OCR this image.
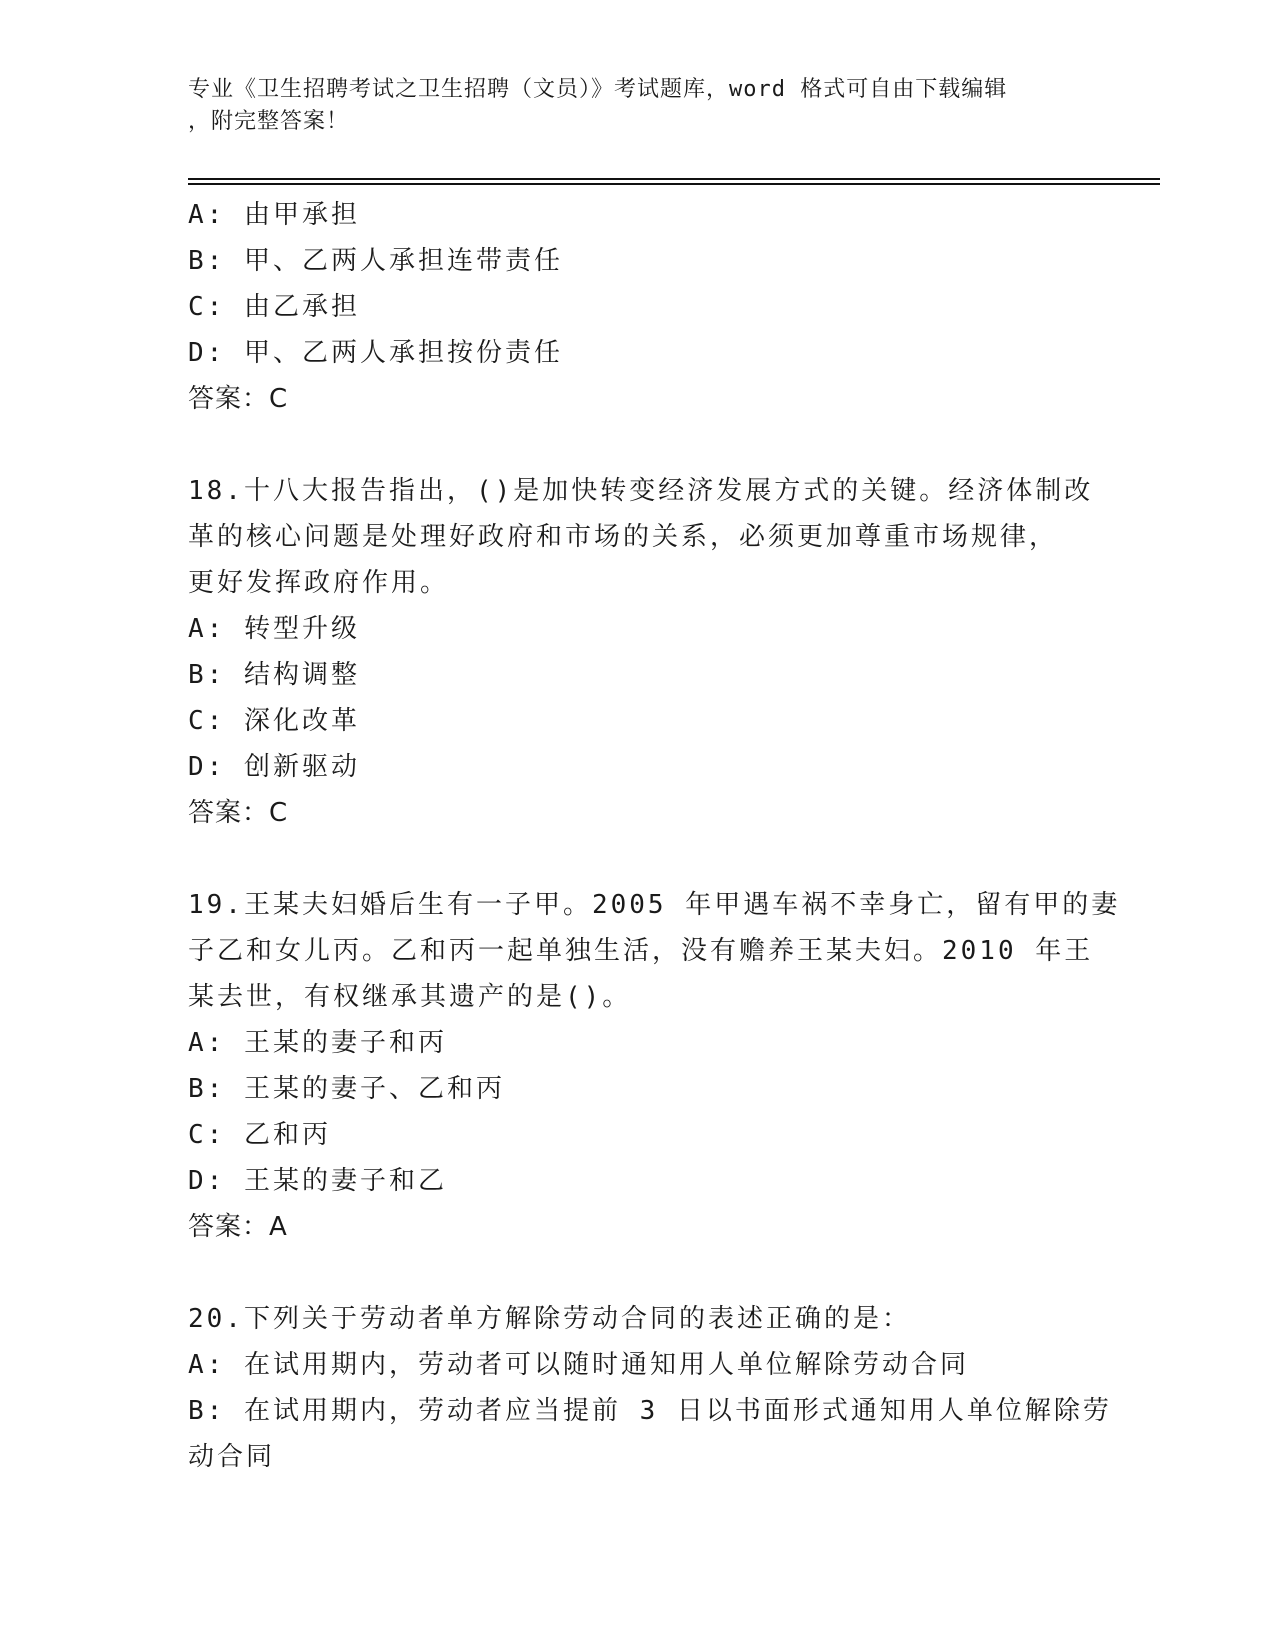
专业《卫生招聘考试之卫生招聘（文员）》考试题库，word 格式可自由下载编辑
，附完整答案！
A: 由甲承担
B: 甲、乙两人承担连带责任
C: 由乙承担
D: 甲、乙两人承担按份责任
答案：C
18.十八大报告指出，()是加快转变经济发展方式的关键。经济体制改
革的核心问题是处理好政府和市场的关系，必须更加尊重市场规律，
更好发挥政府作用。
A: 转型升级
B: 结构调整
C: 深化改革
D: 创新驱动
答案：C
19.王某夫妇婚后生有一子甲。2005 年甲遇车祸不幸身亡，留有甲的妻
子乙和女儿丙。乙和丙一起单独生活，没有赡养王某夫妇。2010 年王
某去世，有权继承其遗产的是()。
A: 王某的妻子和丙
B: 王某的妻子、乙和丙
C: 乙和丙
D: 王某的妻子和乙
答案：A
20.下列关于劳动者单方解除劳动合同的表述正确的是：
A: 在试用期内，劳动者可以随时通知用人单位解除劳动合同
B: 在试用期内，劳动者应当提前 3 日以书面形式通知用人单位解除劳
动合同
